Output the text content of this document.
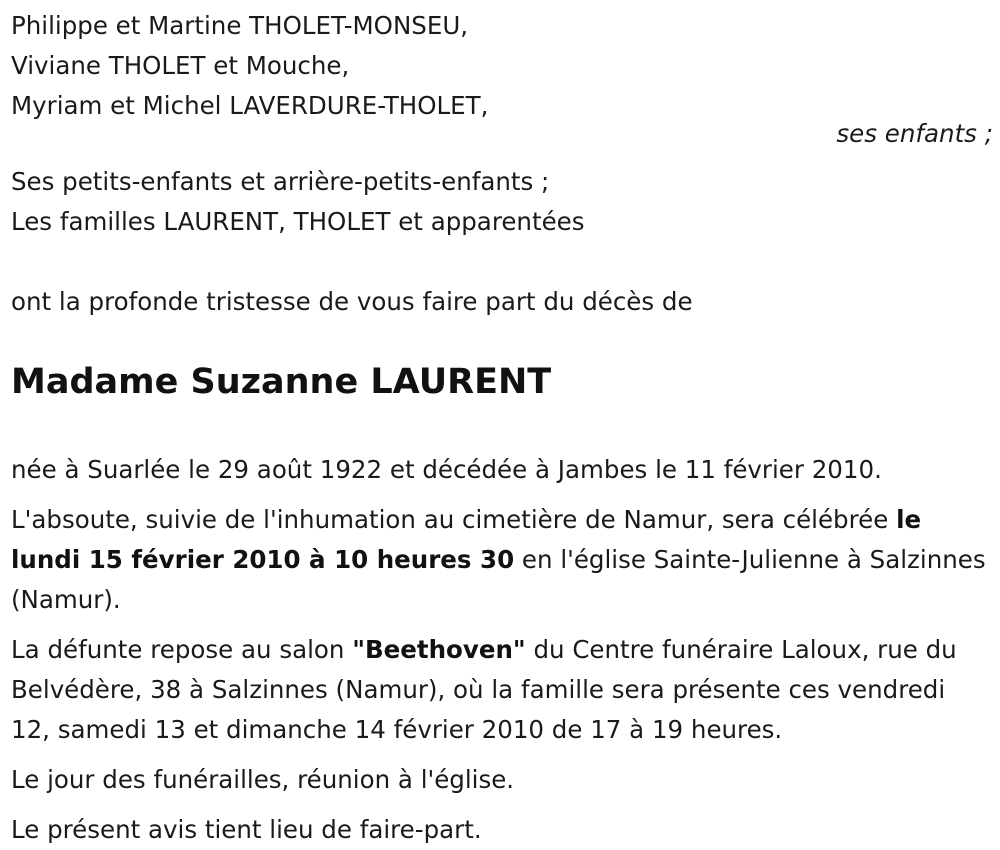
Philippe et Martine THOLET-MONSEU,
Viviane THOLET et Mouche,
Myriam et Michel LAVERDURE-THOLET,
ses enfants ;
Ses petits-enfants et arrière-petits-enfants ;
Les familles LAURENT, THOLET et apparentées
ont la profonde tristesse de vous faire part du décès de
Madame Suzanne LAURENT
née à Suarlée le 29 août 1922 et décédée à Jambes le 11 février 2010.

L'absoute, suivie de l'inhumation au cimetière de Namur, sera célébrée le lundi 15 février 2010 à 10 heures 30 en l'église Sainte-Julienne à Salzinnes (Namur).

La défunte repose au salon "Beethoven" du Centre funéraire Laloux, rue du Belvédère, 38 à Salzinnes (Namur), où la famille sera présente ces vendredi 12, samedi 13 et dimanche 14 février 2010 de 17 à 19 heures.

Le jour des funérailles, réunion à l'église.
Le présent avis tient lieu de faire-part.
